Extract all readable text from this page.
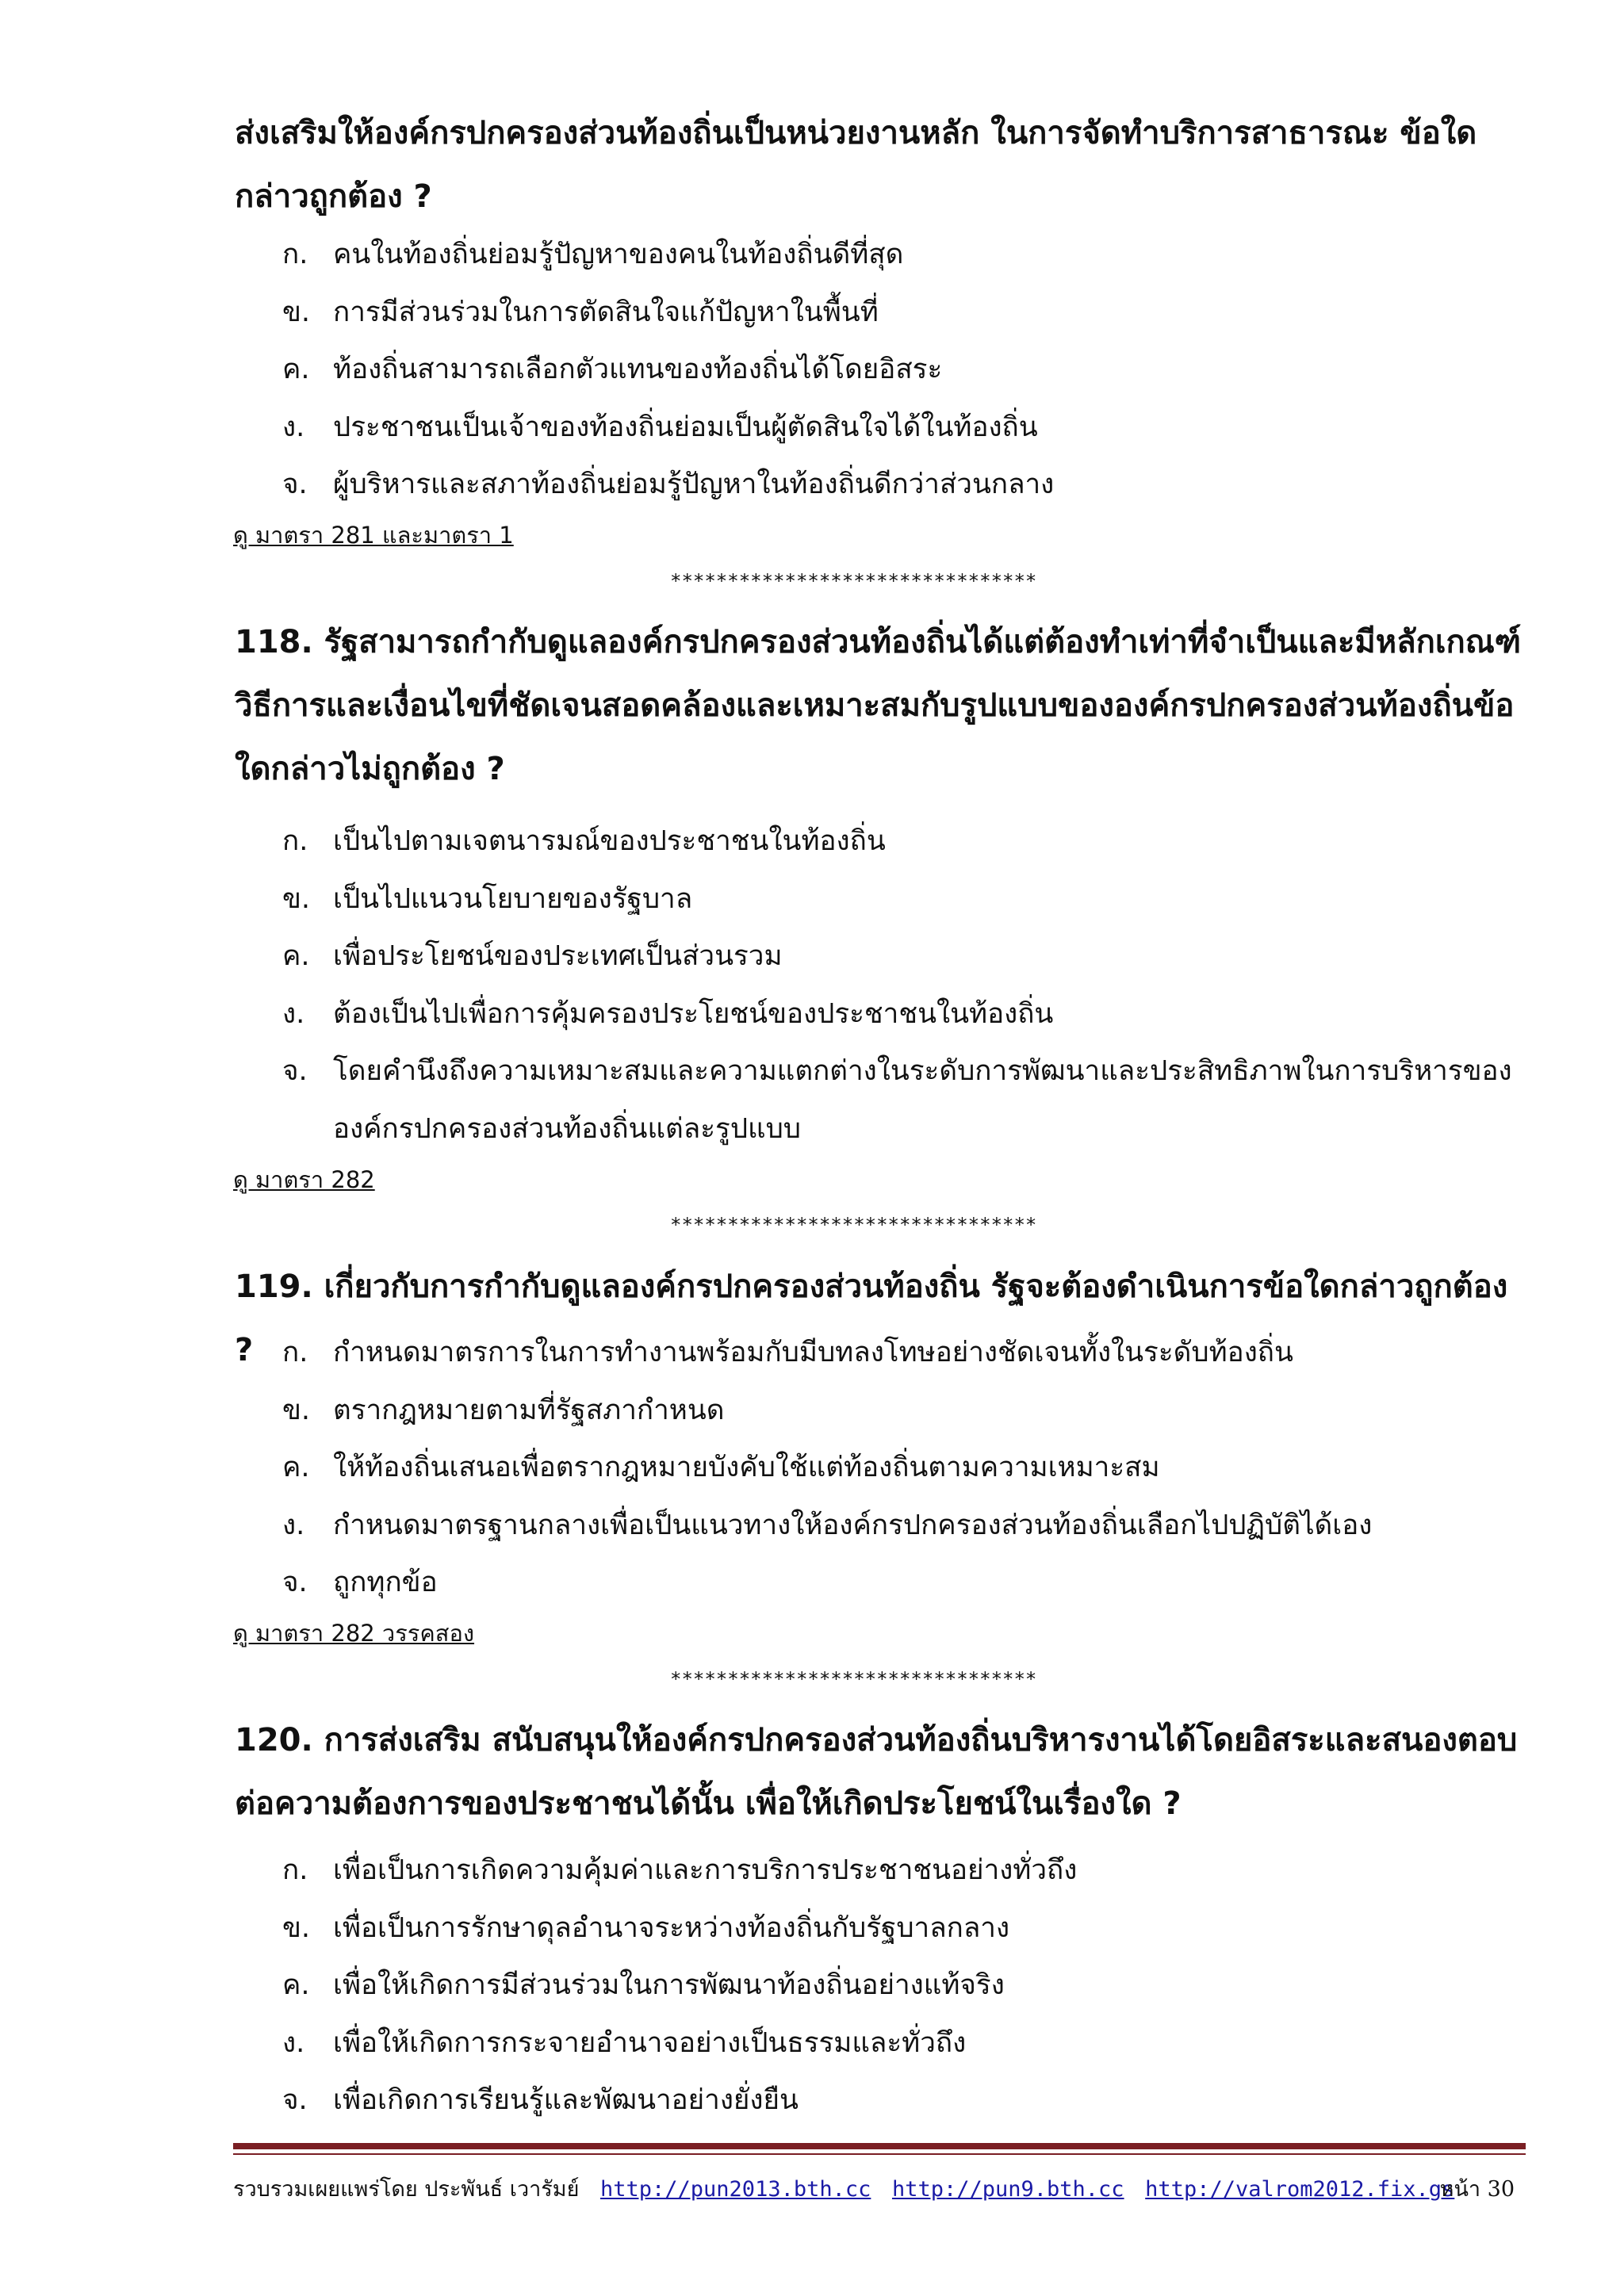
ส่งเสริมให้องค์กรปกครองส่วนท้องถิ่นเป็นหน่วยงานหลัก ในการจัดทำบริการสาธารณะ ข้อใดกล่าวถูกต้อง ?

ก. คนในท้องถิ่นย่อมรู้ปัญหาของคนในท้องถิ่นดีที่สุด
ข. การมีส่วนร่วมในการตัดสินใจแก้ปัญหาในพื้นที่
ค. ท้องถิ่นสามารถเลือกตัวแทนของท้องถิ่นได้โดยอิสระ
ง.	ประชาชนเป็นเจ้าของท้องถิ่นย่อมเป็นผู้ตัดสินใจได้ในท้องถิ่น
จ. ผู้บริหารและสภาท้องถิ่นย่อมรู้ปัญหาในท้องถิ่นดีกว่าส่วนกลาง
ดู มาตรา 281 และมาตรา 1
********************************

118. รัฐสามารถกำกับดูแลองค์กรปกครองส่วนท้องถิ่นได้แต่ต้องทำเท่าที่จำเป็นและมีหลักเกณฑ์วิธีการและเงื่อนไขที่ชัดเจนสอดคล้องและเหมาะสมกับรูปแบบขององค์กรปกครองส่วนท้องถิ่นข้อใดกล่าวไม่ถูกต้อง ?

ก. เป็นไปตามเจตนารมณ์ของประชาชนในท้องถิ่น
ข. เป็นไปแนวนโยบายของรัฐบาล
ค. เพื่อประโยชน์ของประเทศเป็นส่วนรวม
ง.	ต้องเป็นไปเพื่อการคุ้มครองประโยชน์ของประชาชนในท้องถิ่น
จ. โดยคำนึงถึงความเหมาะสมและความแตกต่างในระดับการพัฒนาและประสิทธิภาพในการบริหารขององค์กรปกครองส่วนท้องถิ่นแต่ละรูปแบบ
ดู มาตรา 282
********************************

119. เกี่ยวกับการกำกับดูแลองค์กรปกครองส่วนท้องถิ่น รัฐจะต้องดำเนินการข้อใดกล่าวถูกต้อง ?	ก. กำหนดมาตรการในการทำงานพร้อมกับมีบทลงโทษอย่างชัดเจนทั้งในระดับท้องถิ่น
ข. ตรากฎหมายตามที่รัฐสภากำหนด
ค. ให้ท้องถิ่นเสนอเพื่อตรากฎหมายบังคับใช้แต่ท้องถิ่นตามความเหมาะสม
ง.	กำหนดมาตรฐานกลางเพื่อเป็นแนวทางให้องค์กรปกครองส่วนท้องถิ่นเลือกไปปฏิบัติได้เอง
จ. ถูกทุกข้อ
ดู มาตรา 282 วรรคสอง
********************************

120. การส่งเสริม สนับสนุนให้องค์กรปกครองส่วนท้องถิ่นบริหารงานได้โดยอิสระและสนองตอบต่อความต้องการของประชาชนได้นั้น เพื่อให้เกิดประโยชน์ในเรื่องใด ?

ก. เพื่อเป็นการเกิดความคุ้มค่าและการบริการประชาชนอย่างทั่วถึง
ข. เพื่อเป็นการรักษาดุลอำนาจระหว่างท้องถิ่นกับรัฐบาลกลาง
ค. เพื่อให้เกิดการมีส่วนร่วมในการพัฒนาท้องถิ่นอย่างแท้จริง
ง.	เพื่อให้เกิดการกระจายอำนาจอย่างเป็นธรรมและทั่วถึง
จ. เพื่อเกิดการเรียนรู้และพัฒนาอย่างยั่งยืน
รวบรวมเผยแพร่โดย ประพันธ์ เวารัมย์ http://pun2013.bth.cc http://pun9.bth.cc http://valrom2012.fix.gs
หน้า 30
